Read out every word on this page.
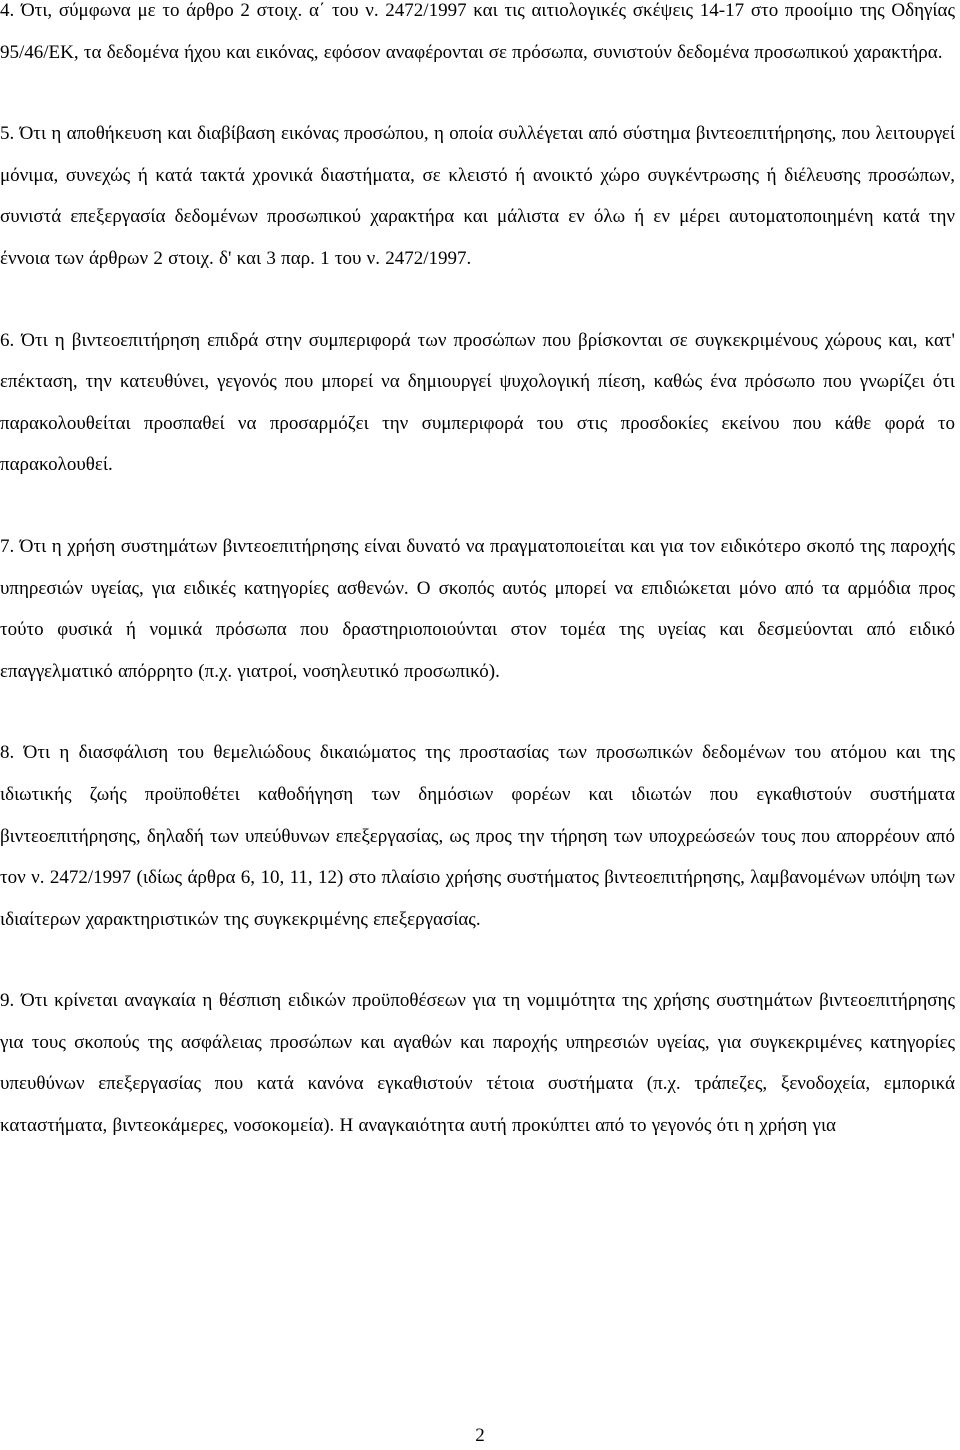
4. Ότι, σύμφωνα με το άρθρο 2 στοιχ. α΄ του ν. 2472/1997 και τις αιτιολογικές σκέψεις 14-17 στο προοίμιο της Οδηγίας 95/46/ΕΚ, τα δεδομένα ήχου και εικόνας, εφόσον αναφέρονται σε πρόσωπα, συνιστούν δεδομένα προσωπικού χαρακτήρα.

5. Ότι η αποθήκευση και διαβίβαση εικόνας προσώπου, η οποία συλλέγεται από σύστημα βιντεοεπιτήρησης, που λειτουργεί μόνιμα, συνεχώς ή κατά τακτά χρονικά διαστήματα, σε κλειστό ή ανοικτό χώρο συγκέντρωσης ή διέλευσης προσώπων, συνιστά επεξεργασία δεδομένων προσωπικού χαρακτήρα και μάλιστα εν όλω ή εν μέρει αυτοματοποιημένη κατά την έννοια των άρθρων 2 στοιχ. δ' και 3 παρ. 1 του ν. 2472/1997.

6. Ότι η βιντεοεπιτήρηση επιδρά στην συμπεριφορά των προσώπων που βρίσκονται σε συγκεκριμένους χώρους και, κατ' επέκταση, την κατευθύνει, γεγονός που μπορεί να δημιουργεί ψυχολογική πίεση, καθώς ένα πρόσωπο που γνωρίζει ότι παρακολουθείται προσπαθεί να προσαρμόζει την συμπεριφορά του στις προσδοκίες εκείνου που κάθε φορά το παρακολουθεί.

7. Ότι η χρήση συστημάτων βιντεοεπιτήρησης είναι δυνατό να πραγματοποιείται και για τον ειδικότερο σκοπό της παροχής υπηρεσιών υγείας, για ειδικές κατηγορίες ασθενών. Ο σκοπός αυτός μπορεί να επιδιώκεται μόνο από τα αρμόδια προς τούτο φυσικά ή νομικά πρόσωπα που δραστηριοποιούνται στον τομέα της υγείας και δεσμεύονται από ειδικό επαγγελματικό απόρρητο (π.χ. γιατροί, νοσηλευτικό προσωπικό).

8. Ότι η διασφάλιση του θεμελιώδους δικαιώματος της προστασίας των προσωπικών δεδομένων του ατόμου και της ιδιωτικής ζωής προϋποθέτει καθοδήγηση των δημόσιων φορέων και ιδιωτών που εγκαθιστούν συστήματα βιντεοεπιτήρησης, δηλαδή των υπεύθυνων επεξεργασίας, ως προς την τήρηση των υποχρεώσεών τους που απορρέουν από τον ν. 2472/1997 (ιδίως άρθρα 6, 10, 11, 12) στο πλαίσιο χρήσης συστήματος βιντεοεπιτήρησης, λαμβανομένων υπόψη των ιδιαίτερων χαρακτηριστικών της συγκεκριμένης επεξεργασίας.

9. Ότι κρίνεται αναγκαία η θέσπιση ειδικών προϋποθέσεων για τη νομιμότητα της χρήσης συστημάτων βιντεοεπιτήρησης για τους σκοπούς της ασφάλειας προσώπων και αγαθών και παροχής υπηρεσιών υγείας, για συγκεκριμένες κατηγορίες υπευθύνων επεξεργασίας που κατά κανόνα εγκαθιστούν τέτοια συστήματα (π.χ. τράπεζες, ξενοδοχεία, εμπορικά καταστήματα, βιντεοκάμερες, νοσοκομεία). Η αναγκαιότητα αυτή προκύπτει από το γεγονός ότι η χρήση για

2
